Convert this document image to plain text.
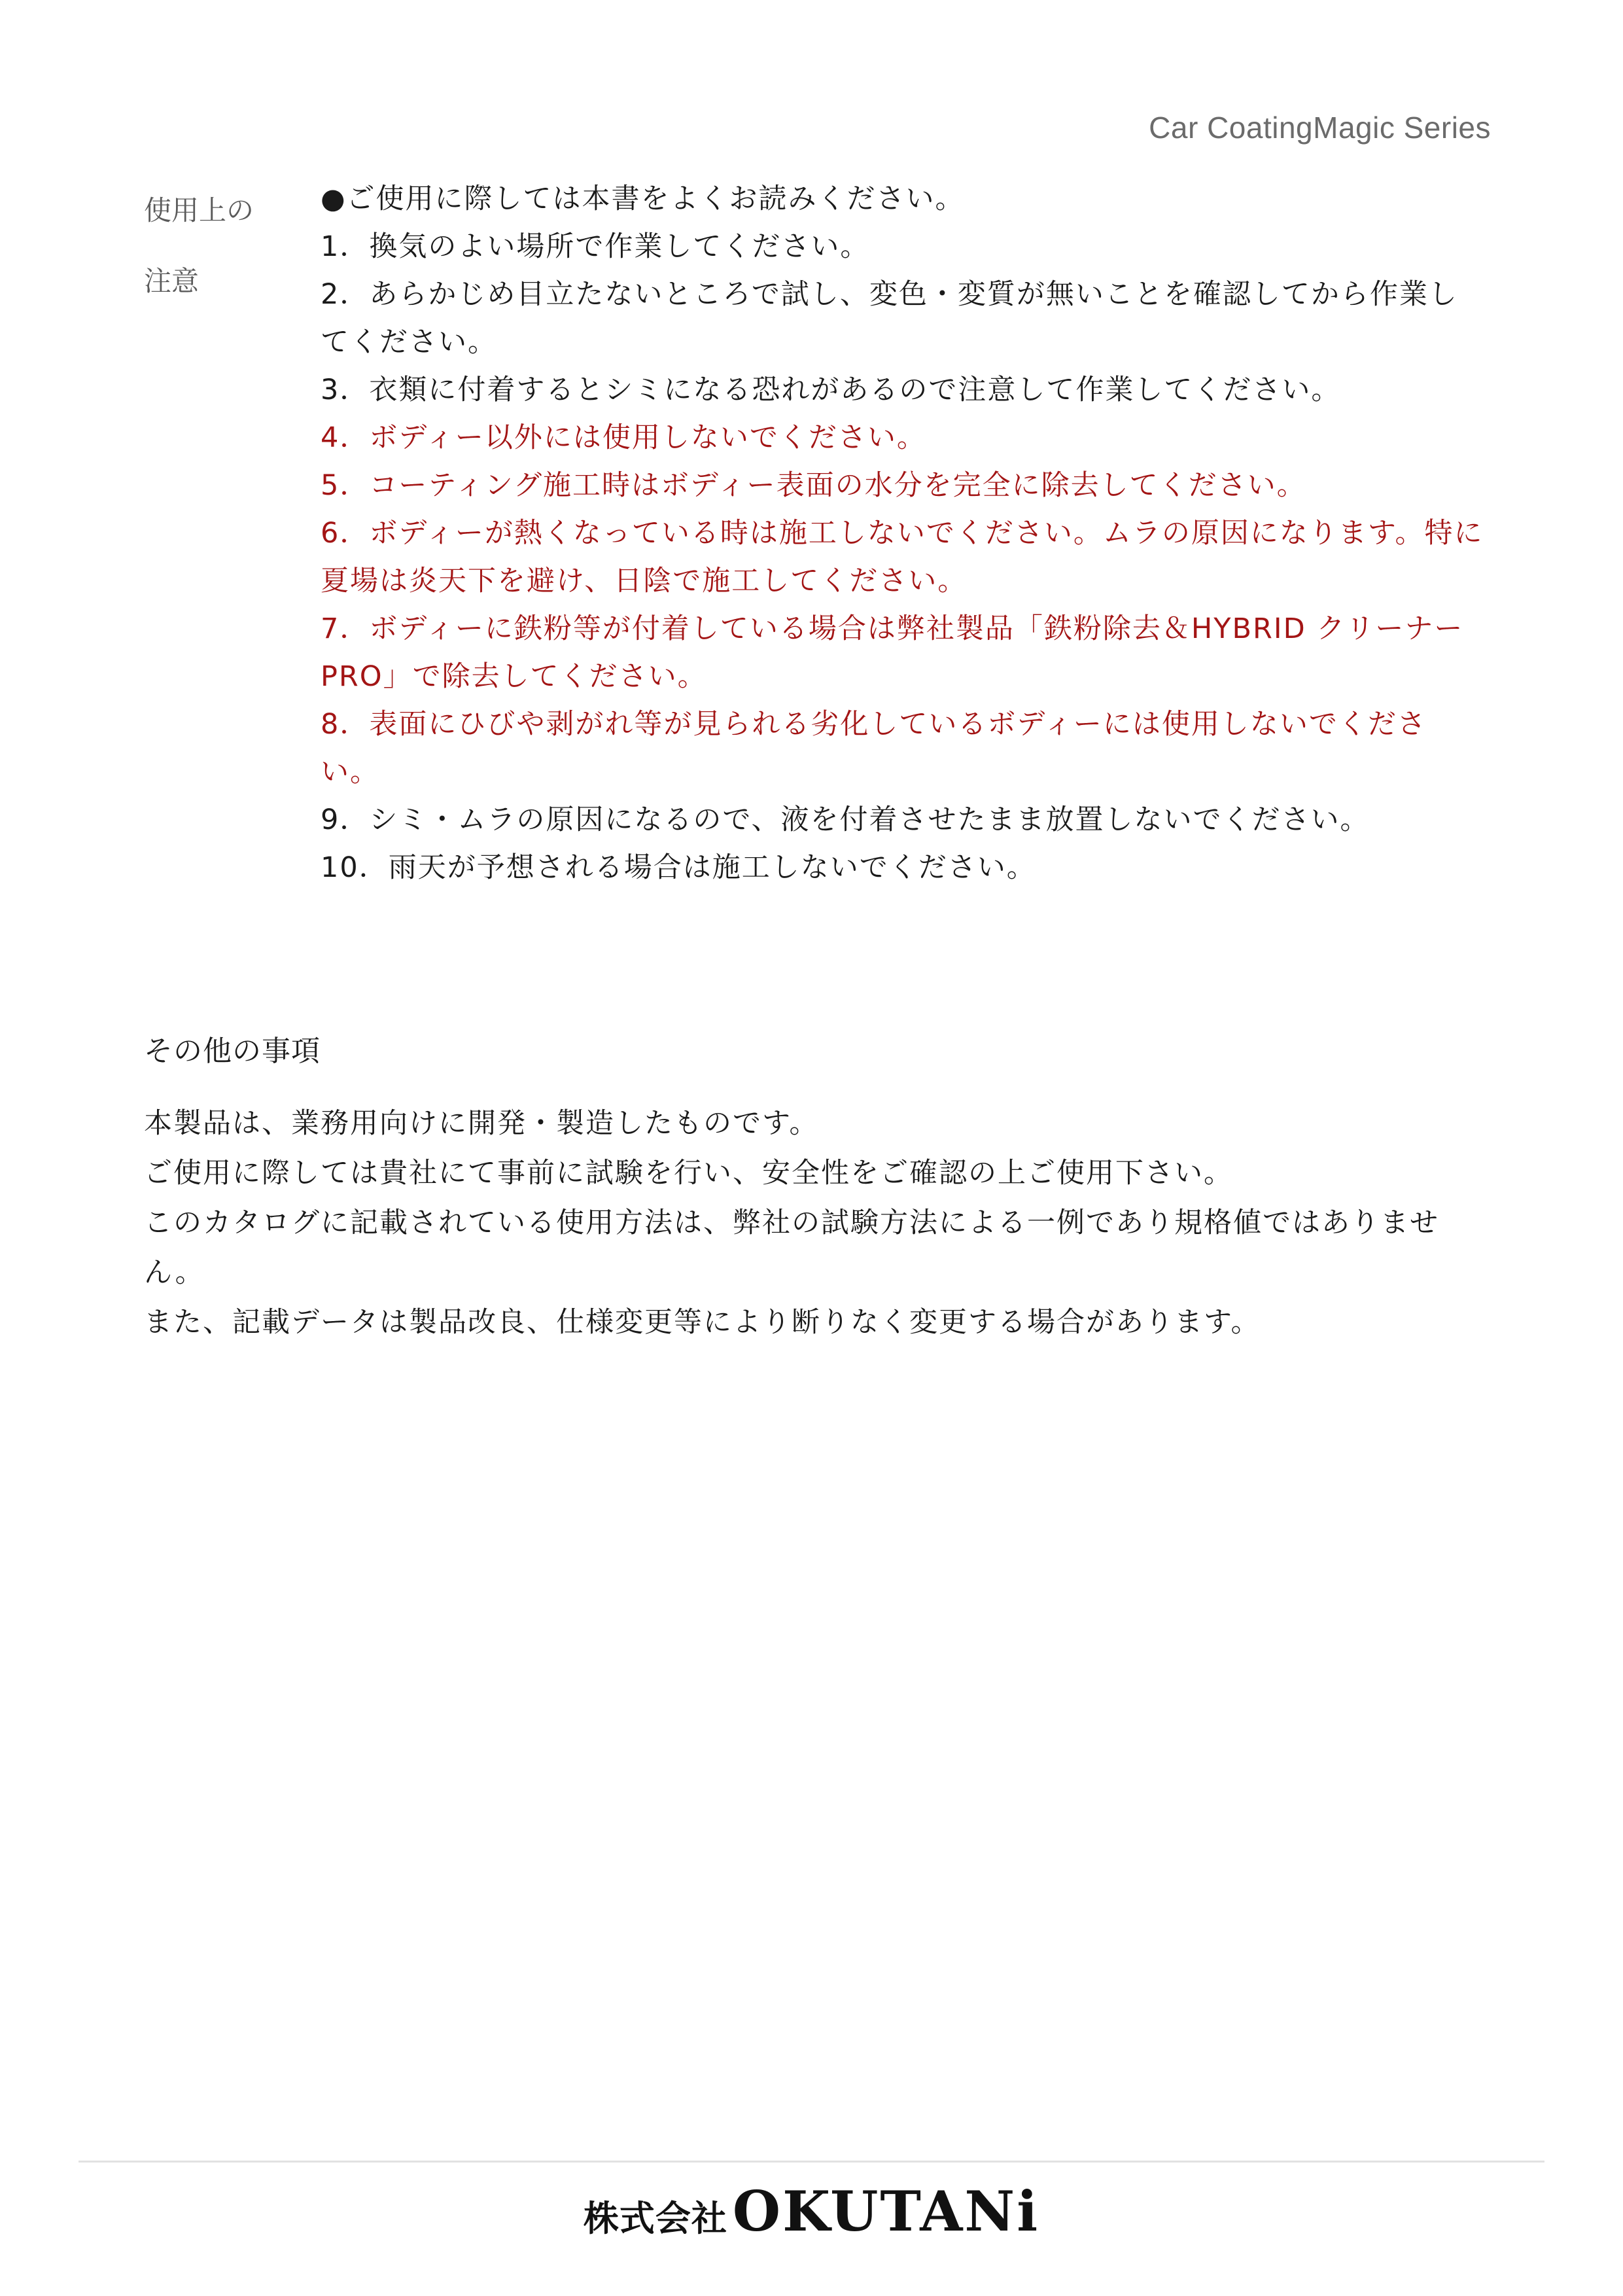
Car CoatingMagic Series
使用上の
注意

●ご使用に際しては本書をよくお読みください。

1．換気のよい場所で作業してください。

2．あらかじめ目立たないところで試し、変色・変質が無いことを確認してから作業してください。

3．衣類に付着するとシミになる恐れがあるので注意して作業してください。

4．ボディー以外には使用しないでください。

5．コーティング施工時はボディー表面の水分を完全に除去してください。

6．ボディーが熱くなっている時は施工しないでください。ムラの原因になります。特に夏場は炎天下を避け、日陰で施工してください。

7．ボディーに鉄粉等が付着している場合は弊社製品「鉄粉除去＆HYBRID クリーナーPRO」で除去してください。

8．表面にひびや剥がれ等が見られる劣化しているボディーには使用しないでください。

9．シミ・ムラの原因になるので、液を付着させたまま放置しないでください。

10．雨天が予想される場合は施工しないでください。

その他の事項

本製品は、業務用向けに開発・製造したものです。

ご使用に際しては貴社にて事前に試験を行い、安全性をご確認の上ご使用下さい。

このカタログに記載されている使用方法は、弊社の試験方法による一例であり規格値ではありません。

また、記載データは製品改良、仕様変更等により断りなく変更する場合があります。

株式会社OKUTANi
